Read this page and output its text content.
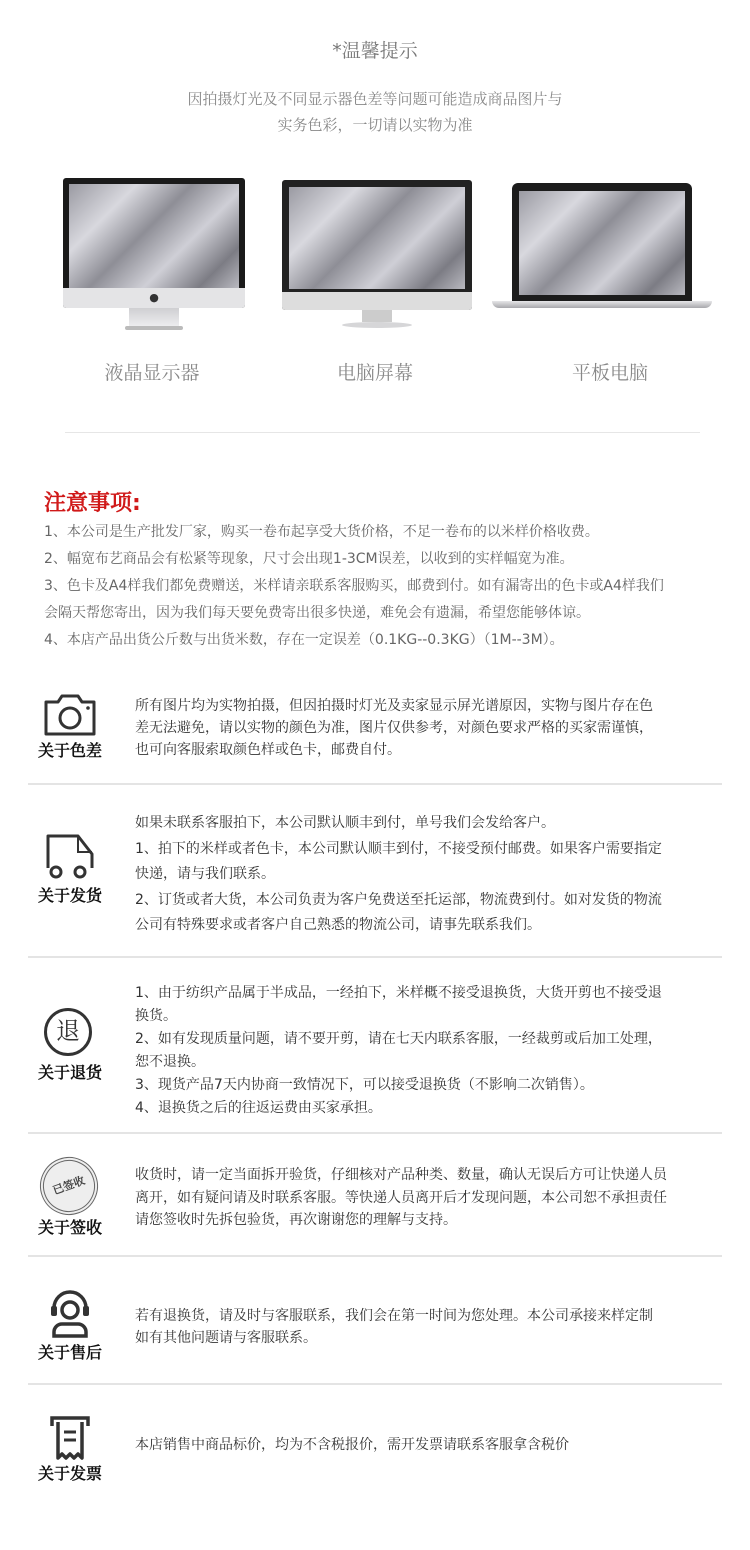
*温馨提示
因拍摄灯光及不同显示器色差等问题可能造成商品图片与
实务色彩，一切请以实物为准
●
液晶显示器	电脑屏幕	平板电脑
注意事项:
1、本公司是生产批发厂家，购买一卷布起享受大货价格，不足一卷布的以米样价格收费。
2、幅宽布艺商品会有松紧等现象，尺寸会出现1-3CM误差，以收到的实样幅宽为准。
3、色卡及A4样我们都免费赠送，米样请亲联系客服购买，邮费到付。如有漏寄出的色卡或A4样我们
会隔天帮您寄出，因为我们每天要免费寄出很多快递，难免会有遗漏，希望您能够体谅。
4、本店产品出货公斤数与出货米数，存在一定误差（0.1KG--0.3KG）（1M--3M）。
关于色差
所有图片均为实物拍摄，但因拍摄时灯光及卖家显示屏光谱原因，实物与图片存在色
差无法避免，请以实物的颜色为准，图片仅供参考，对颜色要求严格的买家需谨慎，
也可向客服索取颜色样或色卡，邮费自付。
关于发货
如果未联系客服拍下，本公司默认顺丰到付，单号我们会发给客户。
1、拍下的米样或者色卡，本公司默认顺丰到付，不接受预付邮费。如果客户需要指定
快递，请与我们联系。
2、订货或者大货，本公司负责为客户免费送至托运部，物流费到付。如对发货的物流
公司有特殊要求或者客户自己熟悉的物流公司，请事先联系我们。
退
关于退货
1、由于纺织产品属于半成品，一经拍下，米样概不接受退换货，大货开剪也不接受退
换货。
2、如有发现质量问题，请不要开剪，请在七天内联系客服，一经裁剪或后加工处理，
恕不退换。
3、现货产品7天内协商一致情况下，可以接受退换货（不影响二次销售）。
4、退换货之后的往返运费由买家承担。
已签收
关于签收
收货时，请一定当面拆开验货，仔细核对产品种类、数量，确认无误后方可让快递人员
离开，如有疑问请及时联系客服。等快递人员离开后才发现问题，本公司恕不承担责任
请您签收时先拆包验货，再次谢谢您的理解与支持。
关于售后
若有退换货，请及时与客服联系，我们会在第一时间为您处理。本公司承接来样定制
如有其他问题请与客服联系。
关于发票
本店销售中商品标价，均为不含税报价，需开发票请联系客服拿含税价
